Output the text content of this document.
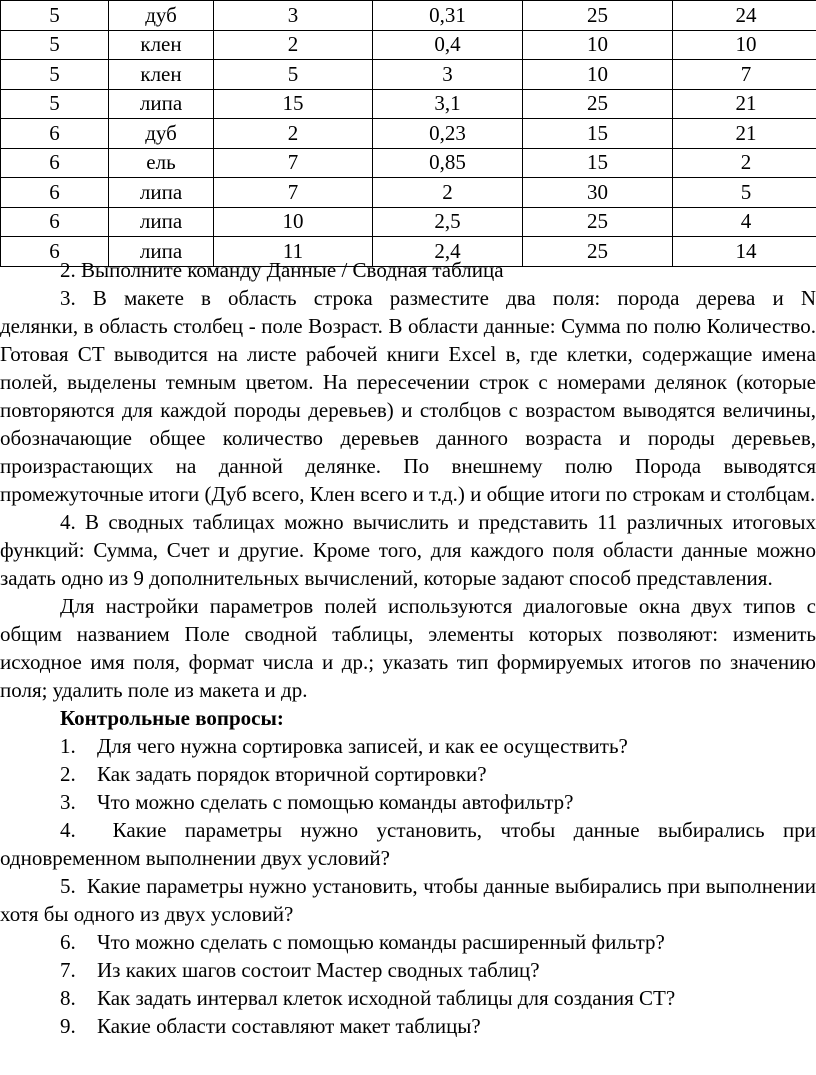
5	дуб	3	0,31	25	24
5	клен	2	0,4	10	10
5	клен	5	3	10	7
5	липа	15	3,1	25	21
6	дуб	2	0,23	15	21
6	ель	7	0,85	15	2
6	липа	7	2	30	5
6	липа	10	2,5	25	4
6	липа	11	2,4	25	14

2. Выполните команду Данные / Сводная таблица

3. В макете в область строка разместите два поля: порода дерева и N

делянки, в область столбец - поле Возраст. В области данные: Сумма по полю Количество. Готовая СТ выводится на листе рабочей книги Excel в, где клетки, содержащие имена полей, выделены темным цветом. На пересечении строк с номерами делянок (которые повторяются для каждой породы деревьев) и столбцов с возрастом выводятся величины, обозначающие общее количество деревьев данного возраста и породы деревьев, произрастающих на данной делянке. По внешнему полю Порода выводятся промежуточные итоги (Дуб всего, Клен всего и т.д.) и общие итоги по строкам и столбцам.

4. В сводных таблицах можно вычислить и представить 11 различных итоговых функций: Сумма, Счет и другие. Кроме того, для каждого поля области данные можно задать одно из 9 дополнительных вычислений, которые задают способ представления.

Для настройки параметров полей используются диалоговые окна двух типов с общим названием Поле сводной таблицы, элементы которых позволяют: изменить исходное имя поля, формат числа и др.; указать тип формируемых итогов по значению поля; удалить поле из макета и др.

Контрольные вопросы:

1.	Для чего нужна сортировка записей, и как ее осуществить?

2.	Как задать порядок вторичной сортировки?

3.	Что можно сделать с помощью команды автофильтр?

4. Какие параметры нужно установить, чтобы данные выбирались при одновременном выполнении двух условий?

5. Какие параметры нужно установить, чтобы данные выбирались при выполнении хотя бы одного из двух условий?

6.	Что можно сделать с помощью команды расширенный фильтр?

7.	Из каких шагов состоит Мастер сводных таблиц?

8.	Как задать интервал клеток исходной таблицы для создания СТ?

9.	Какие области составляют макет таблицы?
